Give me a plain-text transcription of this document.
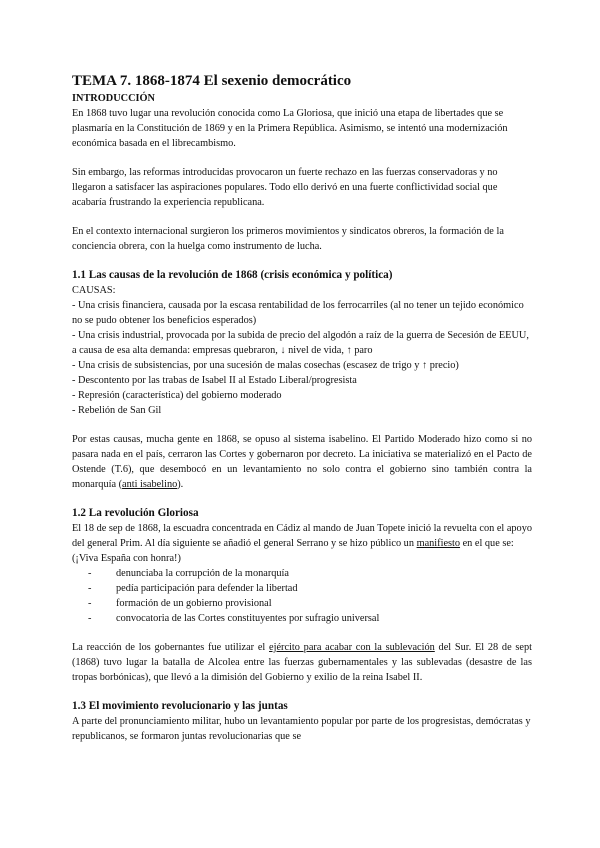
TEMA 7. 1868-1874 El sexenio democrático
INTRODUCCIÓN

En 1868 tuvo lugar una revolución conocida como La Gloriosa, que inició una etapa de libertades que se plasmaría en la Constitución de 1869 y en la Primera República. Asimismo, se intentó una modernización económica basada en el librecambismo.

Sin embargo, las reformas introducidas provocaron un fuerte rechazo en las fuerzas conservadoras y no llegaron a satisfacer las aspiraciones populares. Todo ello derivó en una fuerte conflictividad social que acabaría frustrando la experiencia republicana.

En el contexto internacional surgieron los primeros movimientos y sindicatos obreros, la formación de la conciencia obrera, con la huelga como instrumento de lucha.

1.1 Las causas de la revolución de 1868 (crisis económica y política)
CAUSAS:
- Una crisis financiera, causada por la escasa rentabilidad de los ferrocarriles (al no tener un tejido económico no se pudo obtener los beneficios esperados)
- Una crisis industrial, provocada por la subida de precio del algodón a raíz de la guerra de Secesión de EEUU, a causa de esa alta demanda: empresas quebraron, ↓ nivel de vida, ↑ paro
- Una crisis de subsistencias, por una sucesión de malas cosechas (escasez de trigo y ↑ precio)
- Descontento por las trabas de Isabel II al Estado Liberal/progresista
- Represión (característica) del gobierno moderado
- Rebelión de San Gil

Por estas causas, mucha gente en 1868, se opuso al sistema isabelino. El Partido Moderado hizo como si no pasara nada en el país, cerraron las Cortes y gobernaron por decreto. La iniciativa se materializó en el Pacto de Ostende (T.6), que desembocó en un levantamiento no solo contra el gobierno sino también contra la monarquía (anti isabelino).

1.2 La revolución Gloriosa

El 18 de sep de 1868, la escuadra concentrada en Cádiz al mando de Juan Topete inició la revuelta con el apoyo del general Prim. Al día siguiente se añadió el general Serrano y se hizo público un manifiesto en el que se: (¡Viva España con honra!)

- denunciaba la corrupción de la monarquía
- pedía participación para defender la libertad
- formación de un gobierno provisional
- convocatoria de las Cortes constituyentes por sufragio universal

La reacción de los gobernantes fue utilizar el ejército para acabar con la sublevación del Sur. El 28 de sept (1868) tuvo lugar la batalla de Alcolea entre las fuerzas gubernamentales y las sublevadas (desastre de las tropas borbónicas), que llevó a la dimisión del Gobierno y exilio de la reina Isabel II.

1.3 El movimiento revolucionario y las juntas

A parte del pronunciamiento militar, hubo un levantamiento popular por parte de los progresistas, demócratas y republicanos, se formaron juntas revolucionarias que se
